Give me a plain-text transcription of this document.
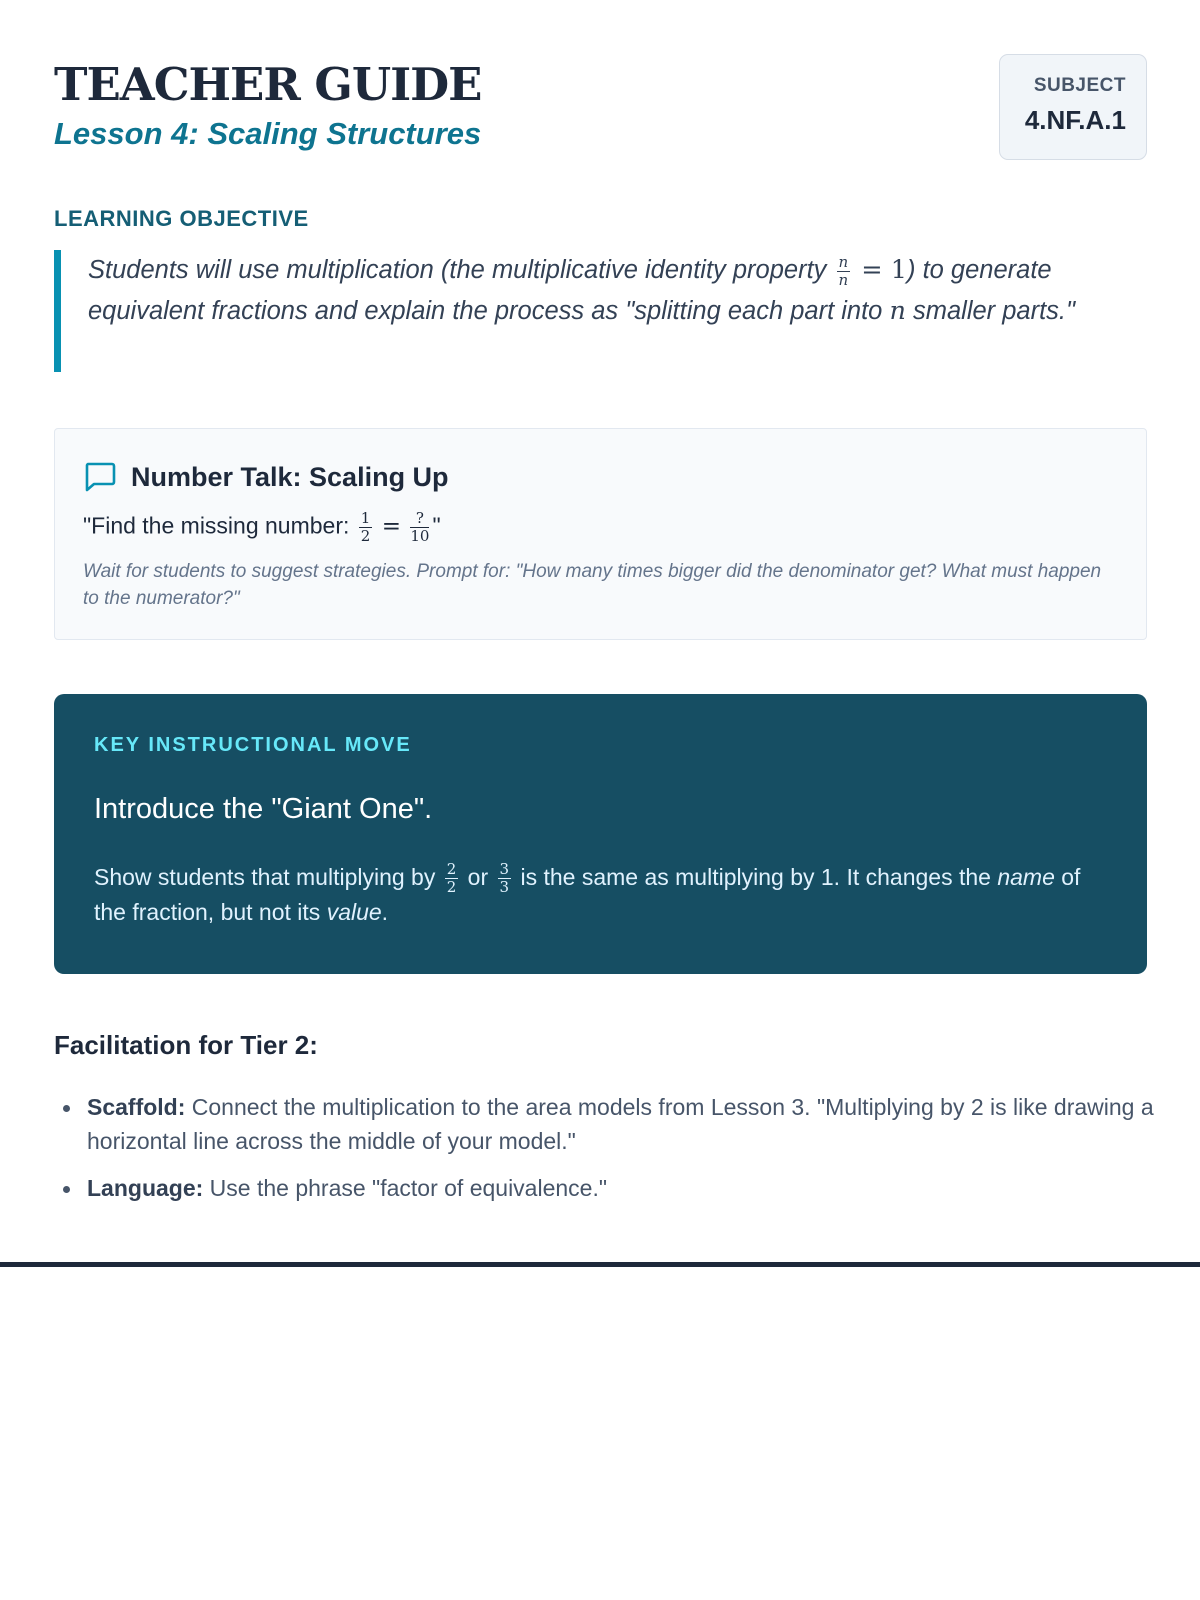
TEACHER GUIDE
Lesson 4: Scaling Structures
SUBJECT
4.NF.A.1
LEARNING OBJECTIVE
Students will use multiplication (the multiplicative identity property $\frac{n}{n} = 1$) to generate equivalent fractions and explain the process as "splitting each part into n smaller parts."
Number Talk: Scaling Up
"Find the missing number: $\frac{1}{2} = \frac{?}{10}$ "
Wait for students to suggest strategies. Prompt for: "How many times bigger did the denominator get? What must happen to the numerator?"
KEY INSTRUCTIONAL MOVE
Introduce the "Giant One".
Show students that multiplying by $\frac{2}{2}$ or $\frac{3}{3}$ is the same as multiplying by 1. It changes the name of the fraction, but not its value.
Facilitation for Tier 2:
Scaffold: Connect the multiplication to the area models from Lesson 3. "Multiplying by 2 is like drawing a horizontal line across the middle of your model."
Language: Use the phrase "factor of equivalence."
